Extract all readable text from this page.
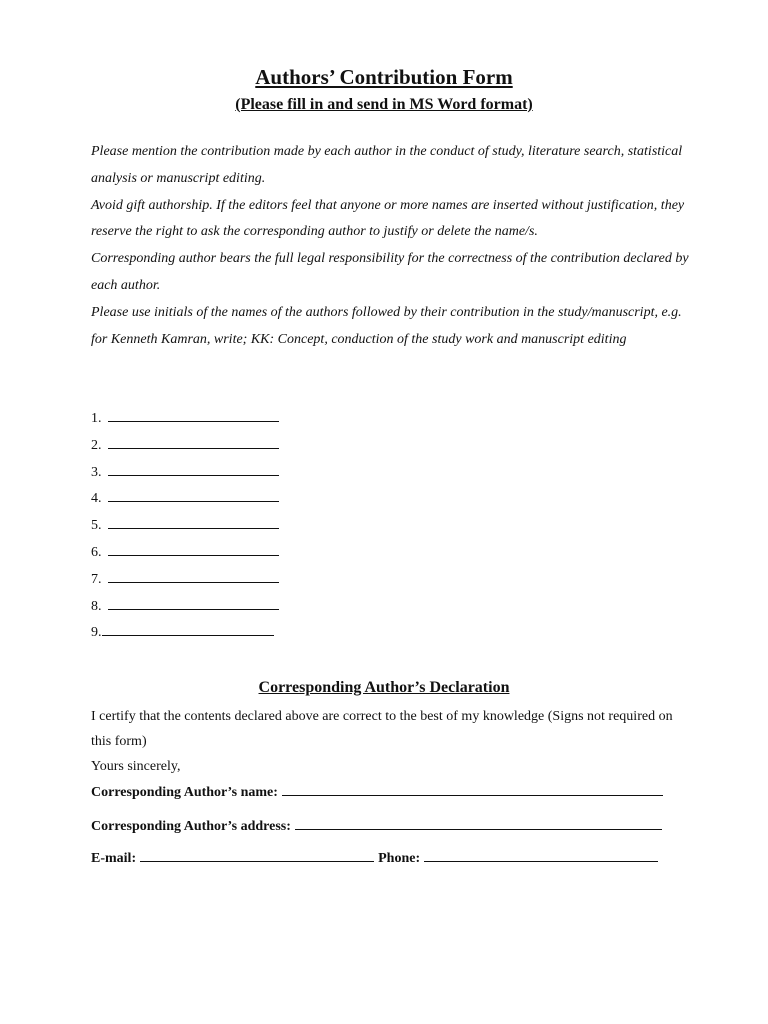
Authors’ Contribution Form
(Please fill in and send in MS Word format)

Please mention the contribution made by each author in the conduct of study, literature search, statistical analysis or manuscript editing.

Avoid gift authorship. If the editors feel that anyone or more names are inserted without justification, they reserve the right to ask the corresponding author to justify or delete the name/s.

Corresponding author bears the full legal responsibility for the correctness of the contribution declared by each author.

Please use initials of the names of the authors followed by their contribution in the study/manuscript, e.g. for Kenneth Kamran, write; KK: Concept, conduction of the study work and manuscript editing

1.
2.
3.
4.
5.
6.
7.
8.
9.
Corresponding Author’s Declaration

I certify that the contents declared above are correct to the best of my knowledge (Signs not required on this form)

Yours sincerely,

Corresponding Author’s name:
Corresponding Author’s address:
E-mail:	Phone:
